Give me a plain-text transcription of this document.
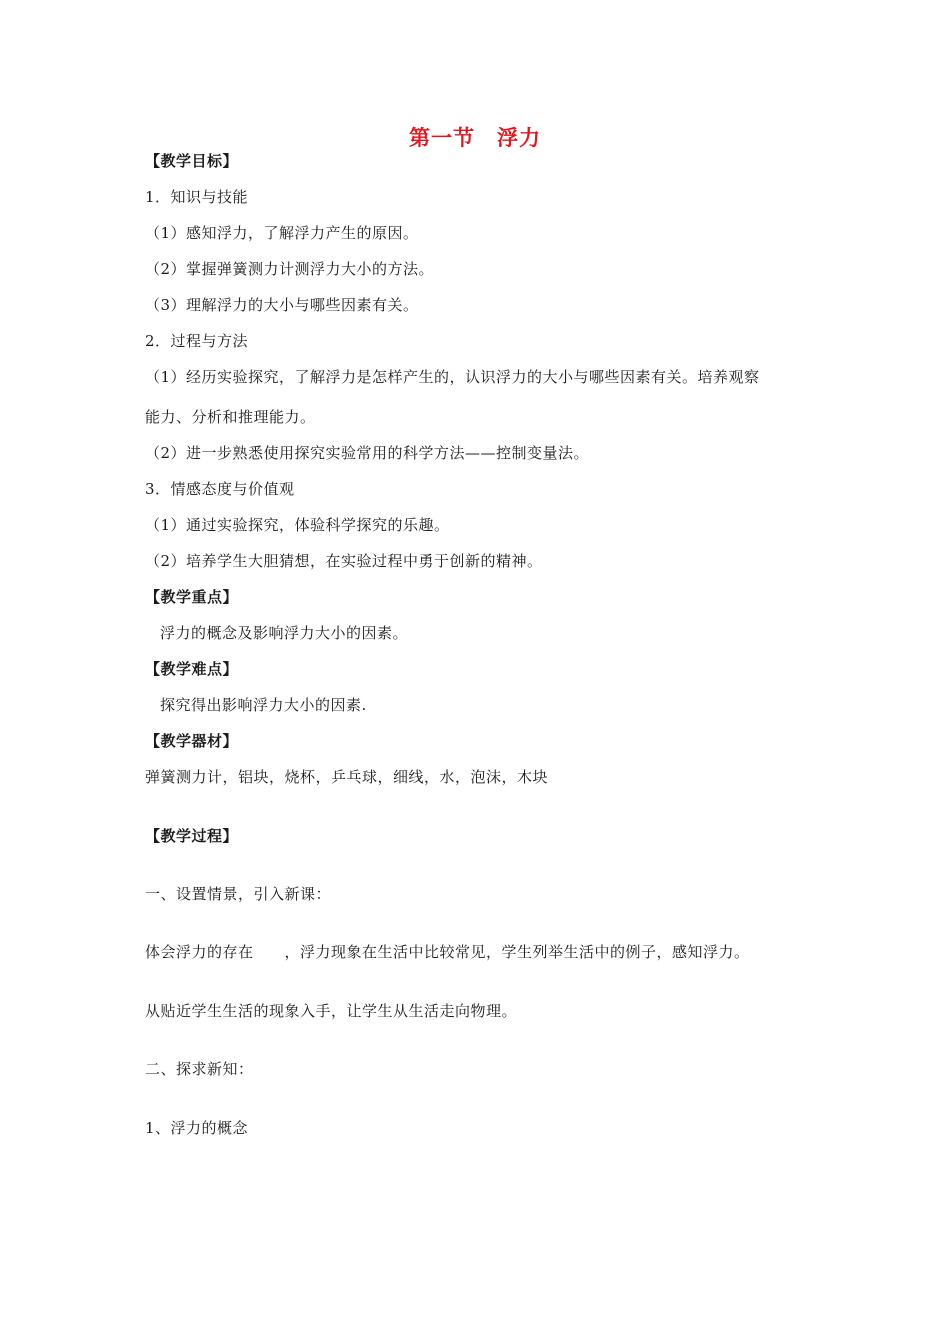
第一节　浮力
【教学目标】
1．知识与技能
（1）感知浮力，了解浮力产生的原因。
（2）掌握弹簧测力计测浮力大小的方法。
（3）理解浮力的大小与哪些因素有关。
2．过程与方法
（1）经历实验探究，了解浮力是怎样产生的，认识浮力的大小与哪些因素有关。培养观察
能力、分析和推理能力。
（2）进一步熟悉使用探究实验常用的科学方法——控制变量法。
3．情感态度与价值观
（1）通过实验探究，体验科学探究的乐趣。
（2）培养学生大胆猜想，在实验过程中勇于创新的精神。
【教学重点】
浮力的概念及影响浮力大小的因素。
【教学难点】
探究得出影响浮力大小的因素.
【教学器材】
弹簧测力计，铝块，烧杯，乒乓球，细线，水，泡沫，木块
【教学过程】
一、设置情景，引入新课：
体会浮力的存在　　，浮力现象在生活中比较常见，学生列举生活中的例子，感知浮力。
从贴近学生生活的现象入手，让学生从生活走向物理。
二、探求新知：
1、浮力的概念
